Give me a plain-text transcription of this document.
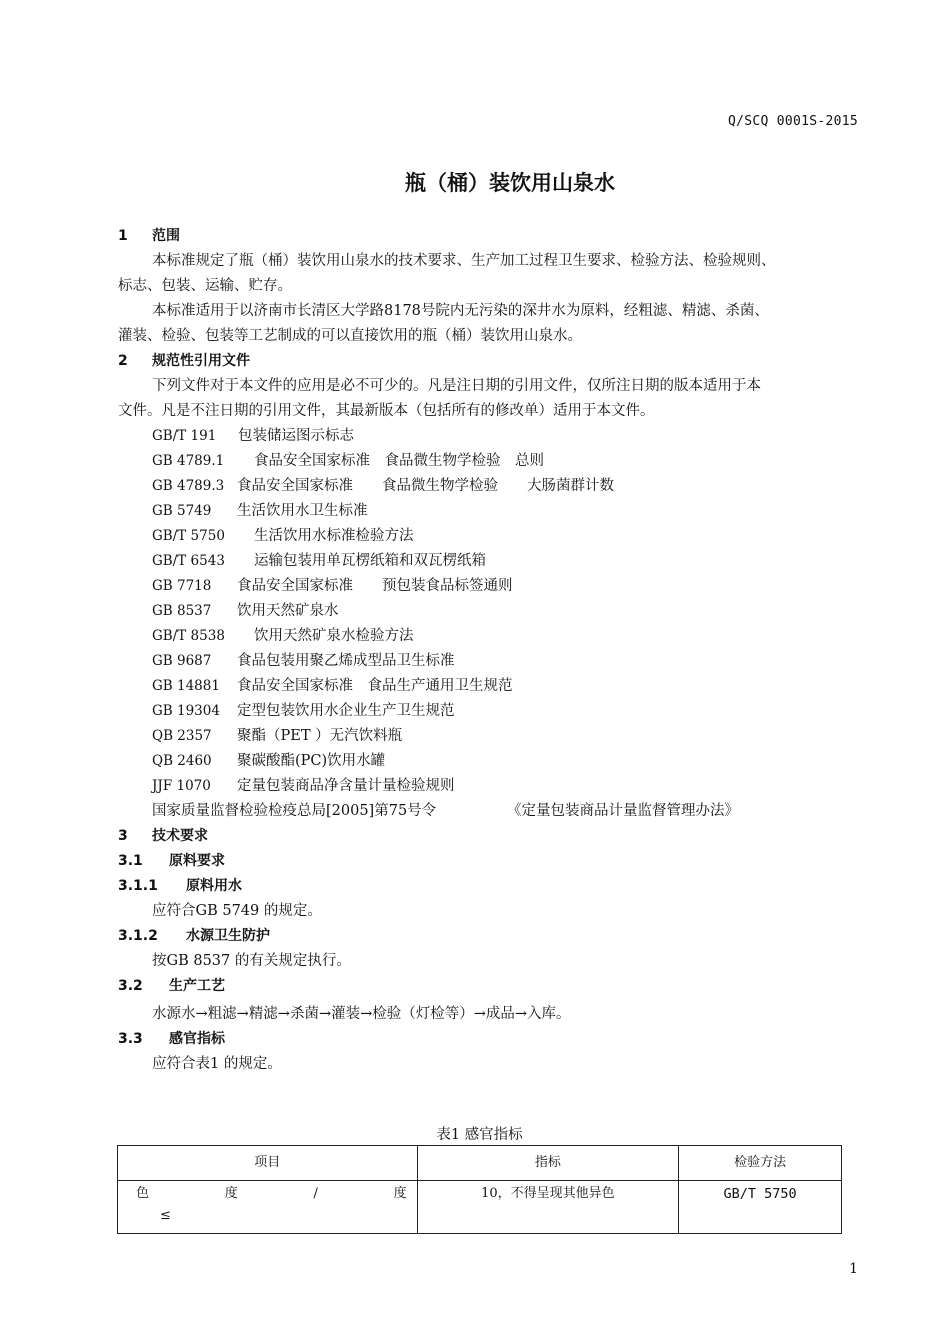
Q/SCQ 0001S-2015
瓶（桶）装饮用山泉水
1 范围
本标准规定了瓶（桶）装饮用山泉水的技术要求、生产加工过程卫生要求、检验方法、检验规则、
标志、包装、运输、贮存。
本标准适用于以济南市长清区大学路8178号院内无污染的深井水为原料，经粗滤、精滤、杀菌、
灌装、检验、包装等工艺制成的可以直接饮用的瓶（桶）装饮用山泉水。
2 规范性引用文件
下列文件对于本文件的应用是必不可少的。凡是注日期的引用文件，仅所注日期的版本适用于本
文件。凡是不注日期的引用文件，其最新版本（包括所有的修改单）适用于本文件。
GB/T 191 包装储运图示标志
GB 4789.1 食品安全国家标准　食品微生物学检验　总则
GB 4789.3 食品安全国家标准　　食品微生物学检验　　大肠菌群计数
GB 5749 生活饮用水卫生标准
GB/T 5750 生活饮用水标准检验方法
GB/T 6543 运输包装用单瓦楞纸箱和双瓦楞纸箱
GB 7718 食品安全国家标准　　预包装食品标签通则
GB 8537 饮用天然矿泉水
GB/T 8538 饮用天然矿泉水检验方法
GB 9687 食品包装用聚乙烯成型品卫生标准
GB 14881 食品安全国家标准　食品生产通用卫生规范
GB 19304 定型包装饮用水企业生产卫生规范
QB 2357 聚酯（PET ）无汽饮料瓶
QB 2460 聚碳酸酯(PC)饮用水罐
JJF 1070 定量包装商品净含量计量检验规则
国家质量监督检验检疫总局[2005]第75号令	《定量包装商品计量监督管理办法》
3 技术要求
3.1 原料要求
3.1.1 原料用水
应符合GB 5749 的规定。
3.1.2 水源卫生防护
按GB 8537 的有关规定执行。
3.2 生产工艺
水源水→粗滤→精滤→杀菌→灌装→检验（灯检等）→成品→入库。
3.3 感官指标
应符合表1 的规定。
表1 感官指标
项目	指标	检验方法

色 度 / 度
≤	10，不得呈现其他异色	GB/T 5750
1
